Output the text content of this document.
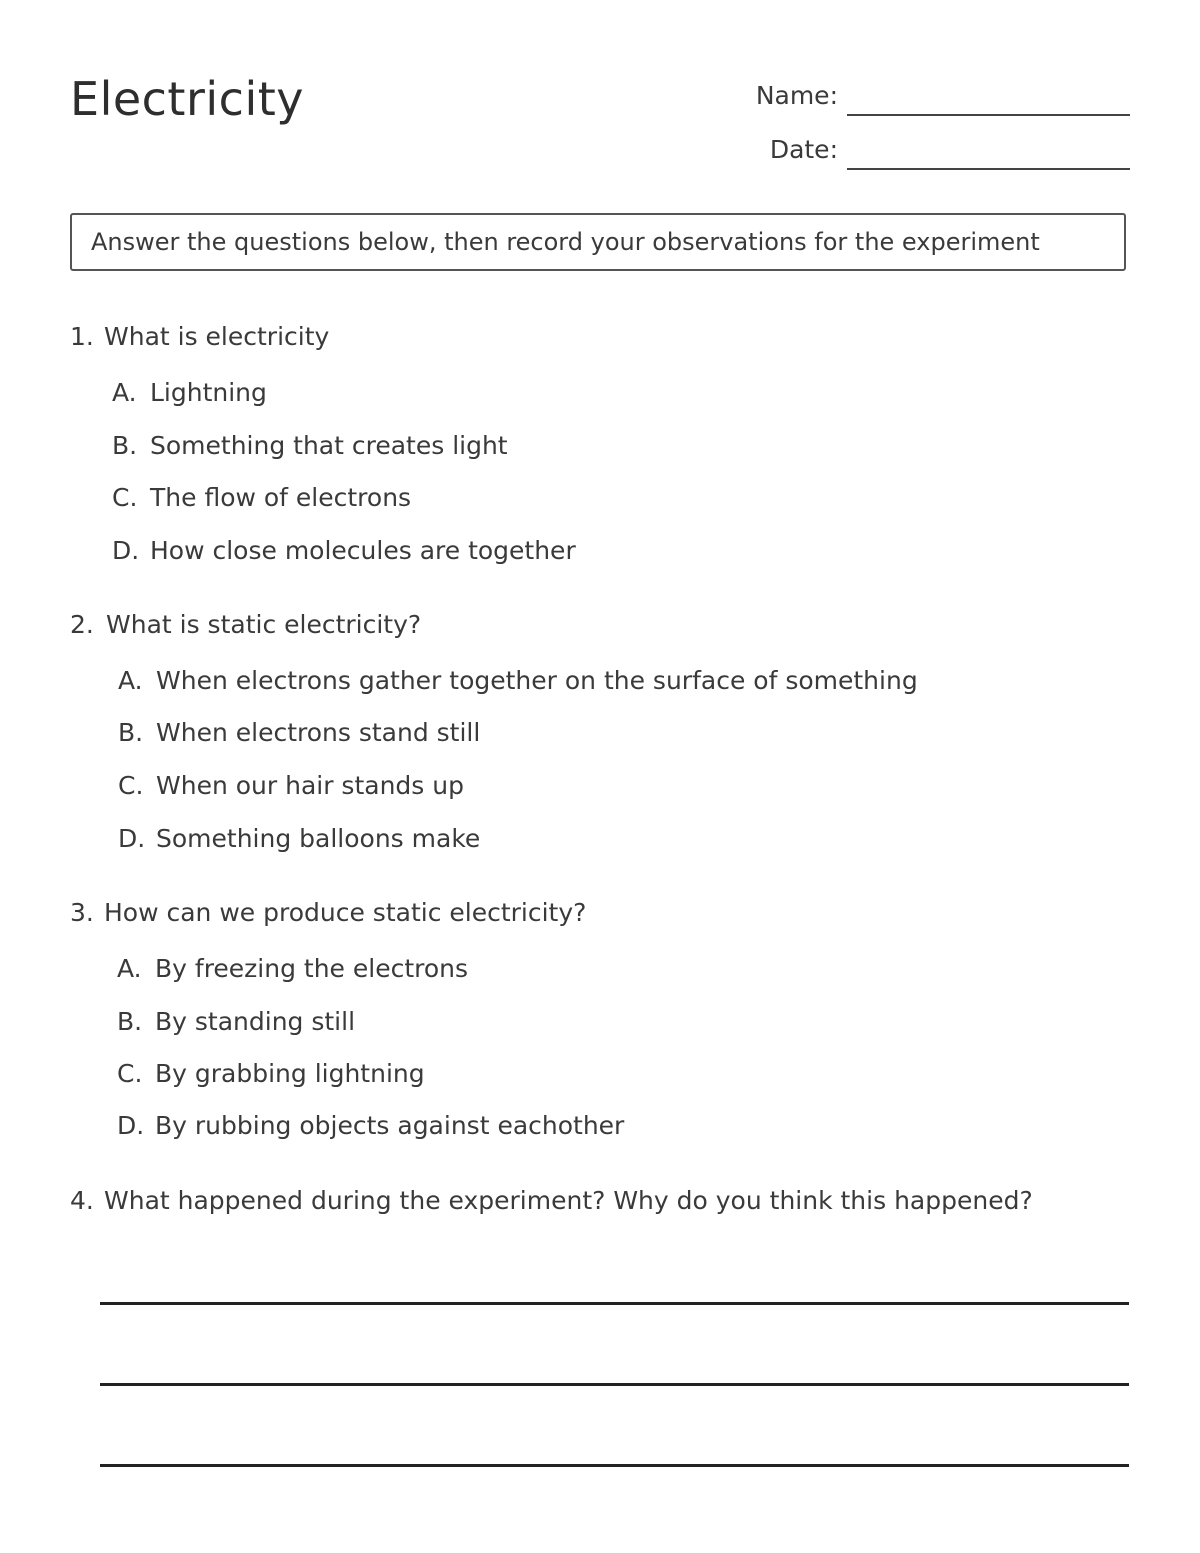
Electricity	Name:
Date:
Answer the questions below, then record your observations for the experiment
1. What is electricity
A. Lightning
B. Something that creates light
C. The flow of electrons
D. How close molecules are together
2. What is static electricity?
A. When electrons gather together on the surface of something
B. When electrons stand still
C. When our hair stands up
D. Something balloons make
3. How can we produce static electricity?
A. By freezing the electrons
B. By standing still
C. By grabbing lightning
D. By rubbing objects against eachother
4. What happened during the experiment? Why do you think this happened?
